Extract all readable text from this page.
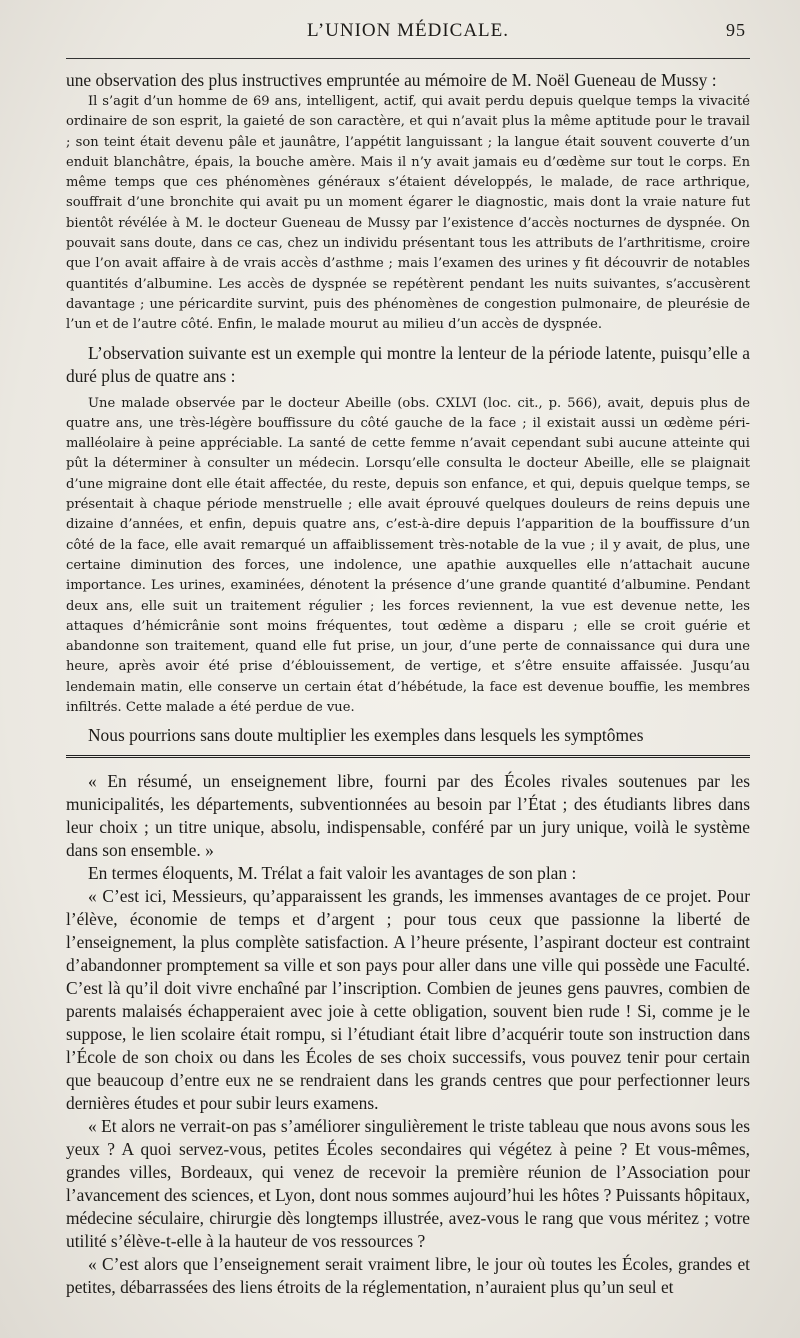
L’UNION MÉDICALE.	95

une observation des plus instructives empruntée au mémoire de M. Noël Gueneau de Mussy :

Il s’agit d’un homme de 69 ans, intelligent, actif, qui avait perdu depuis quelque temps la vivacité ordinaire de son esprit, la gaieté de son caractère, et qui n’avait plus la même aptitude pour le travail ; son teint était devenu pâle et jaunâtre, l’appétit languissant ; la langue était souvent couverte d’un enduit blanchâtre, épais, la bouche amère. Mais il n’y avait jamais eu d’œdème sur tout le corps. En même temps que ces phénomènes généraux s’étaient développés, le malade, de race arthrique, souffrait d’une bronchite qui avait pu un moment égarer le diagnostic, mais dont la vraie nature fut bientôt révélée à M. le docteur Gueneau de Mussy par l’existence d’accès nocturnes de dyspnée. On pouvait sans doute, dans ce cas, chez un individu présentant tous les attributs de l’arthritisme, croire que l’on avait affaire à de vrais accès d’asthme ; mais l’examen des urines y fit découvrir de notables quantités d’albumine. Les accès de dyspnée se repétèrent pendant les nuits suivantes, s’accusèrent davantage ; une péricardite survint, puis des phénomènes de congestion pulmonaire, de pleurésie de l’un et de l’autre côté. Enfin, le malade mourut au milieu d’un accès de dyspnée.

L’observation suivante est un exemple qui montre la lenteur de la période latente, puisqu’elle a duré plus de quatre ans :

Une malade observée par le docteur Abeille (obs. CXLVI (loc. cit., p. 566), avait, depuis plus de quatre ans, une très-légère bouffissure du côté gauche de la face ; il existait aussi un œdème péri-malléolaire à peine appréciable. La santé de cette femme n’avait cependant subi aucune atteinte qui pût la déterminer à consulter un médecin. Lorsqu’elle consulta le docteur Abeille, elle se plaignait d’une migraine dont elle était affectée, du reste, depuis son enfance, et qui, depuis quelque temps, se présentait à chaque période menstruelle ; elle avait éprouvé quelques douleurs de reins depuis une dizaine d’années, et enfin, depuis quatre ans, c’est-à-dire depuis l’apparition de la bouffissure d’un côté de la face, elle avait remarqué un affaiblissement très-notable de la vue ; il y avait, de plus, une certaine diminution des forces, une indolence, une apathie auxquelles elle n’attachait aucune importance. Les urines, examinées, dénotent la présence d’une grande quantité d’albumine. Pendant deux ans, elle suit un traitement régulier ; les forces reviennent, la vue est devenue nette, les attaques d’hémicrânie sont moins fréquentes, tout œdème a disparu ; elle se croit guérie et abandonne son traitement, quand elle fut prise, un jour, d’une perte de connaissance qui dura une heure, après avoir été prise d’éblouissement, de vertige, et s’être ensuite affaissée. Jusqu’au lendemain matin, elle conserve un certain état d’hébétude, la face est devenue bouffie, les membres infiltrés. Cette malade a été perdue de vue.

Nous pourrions sans doute multiplier les exemples dans lesquels les symptômes

« En résumé, un enseignement libre, fourni par des Écoles rivales soutenues par les municipalités, les départements, subventionnées au besoin par l’État ; des étudiants libres dans leur choix ; un titre unique, absolu, indispensable, conféré par un jury unique, voilà le système dans son ensemble. »

En termes éloquents, M. Trélat a fait valoir les avantages de son plan :

« C’est ici, Messieurs, qu’apparaissent les grands, les immenses avantages de ce projet. Pour l’élève, économie de temps et d’argent ; pour tous ceux que passionne la liberté de l’enseignement, la plus complète satisfaction. A l’heure présente, l’aspirant docteur est contraint d’abandonner promptement sa ville et son pays pour aller dans une ville qui possède une Faculté. C’est là qu’il doit vivre enchaîné par l’inscription. Combien de jeunes gens pauvres, combien de parents malaisés échapperaient avec joie à cette obligation, souvent bien rude ! Si, comme je le suppose, le lien scolaire était rompu, si l’étudiant était libre d’acquérir toute son instruction dans l’École de son choix ou dans les Écoles de ses choix successifs, vous pouvez tenir pour certain que beaucoup d’entre eux ne se rendraient dans les grands centres que pour perfectionner leurs dernières études et pour subir leurs examens.

« Et alors ne verrait-on pas s’améliorer singulièrement le triste tableau que nous avons sous les yeux ? A quoi servez-vous, petites Écoles secondaires qui végétez à peine ? Et vous-mêmes, grandes villes, Bordeaux, qui venez de recevoir la première réunion de l’Association pour l’avancement des sciences, et Lyon, dont nous sommes aujourd’hui les hôtes ? Puissants hôpitaux, médecine séculaire, chirurgie dès longtemps illustrée, avez-vous le rang que vous méritez ; votre utilité s’élève-t-elle à la hauteur de vos ressources ?

« C’est alors que l’enseignement serait vraiment libre, le jour où toutes les Écoles, grandes et petites, débarrassées des liens étroits de la réglementation, n’auraient plus qu’un seul et
